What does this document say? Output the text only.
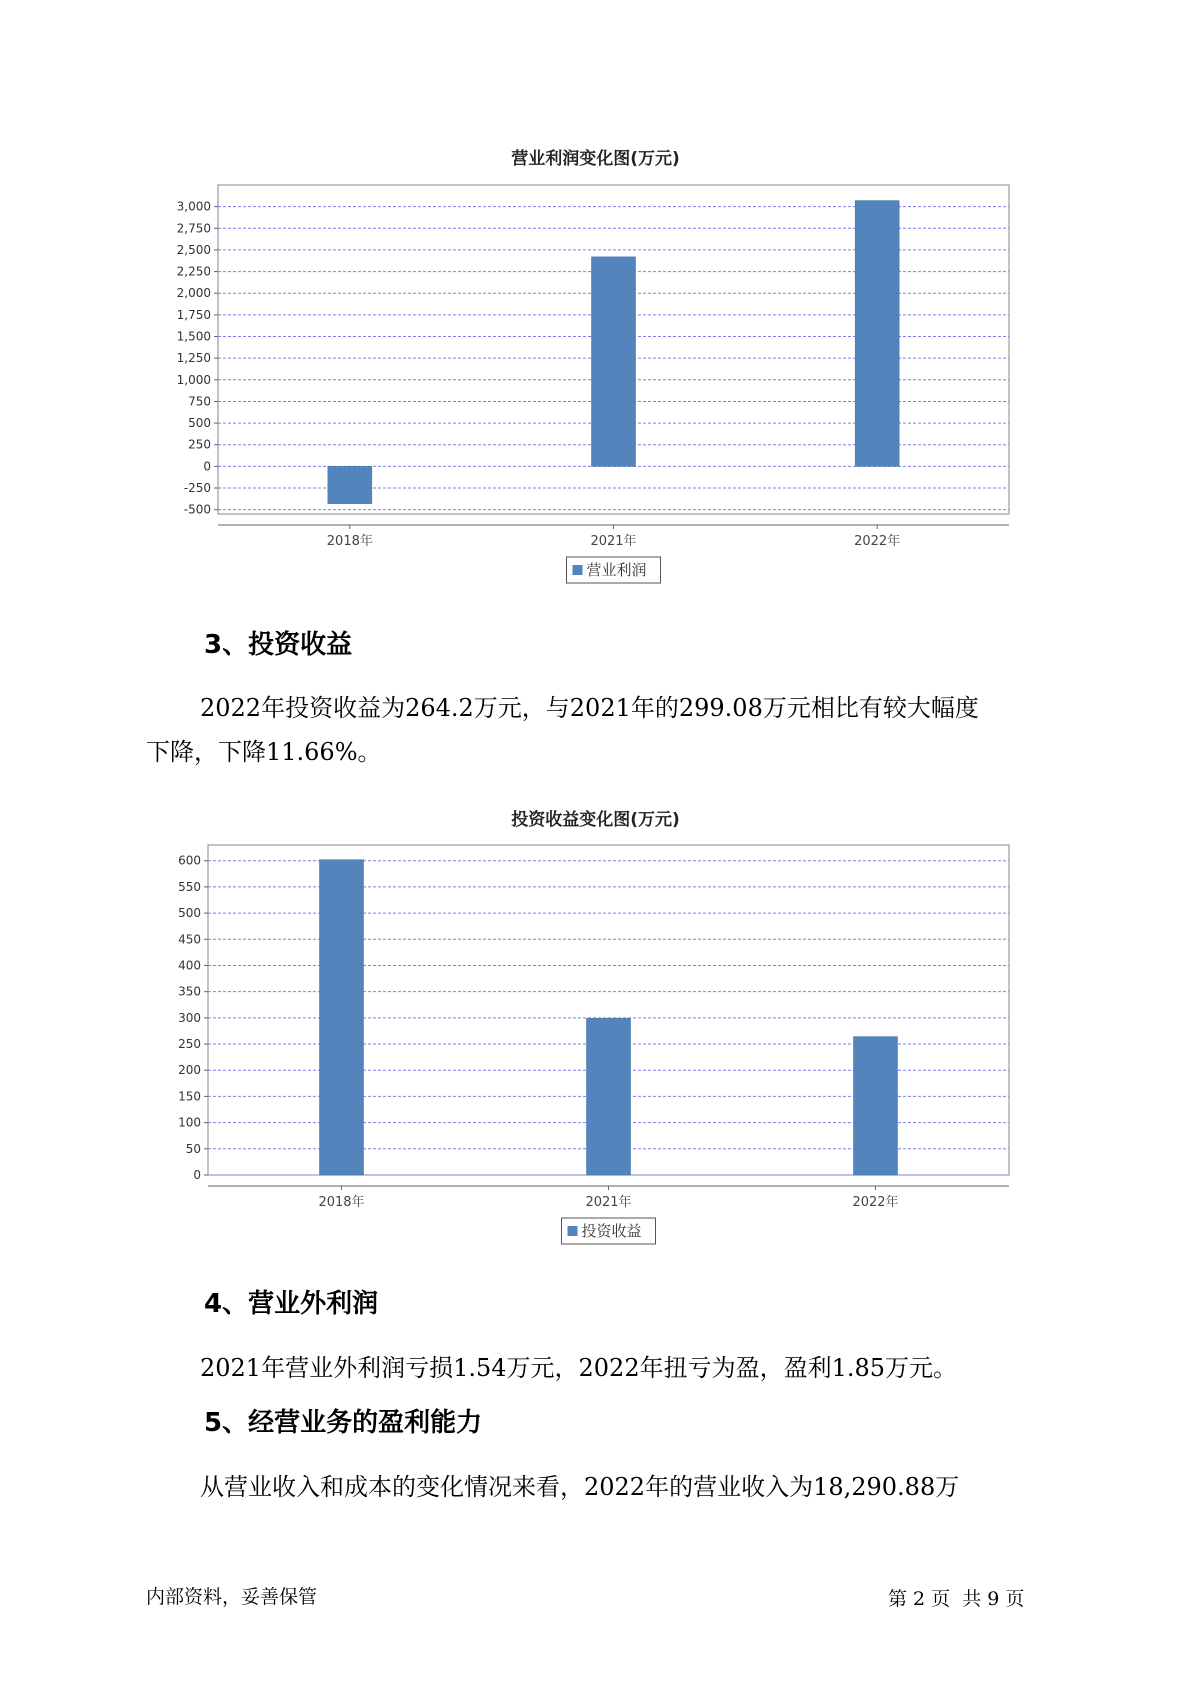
营业利润变化图(万元)
-500
-250
0
250
500
750
1,000
1,250
1,500
1,750
2,000
2,250
2,500
2,750
3,000
2018年	2021年	2022年
营业利润
3、投资收益
2022年投资收益为264.2万元，与2021年的299.08万元相比有较大幅度
下降，下降11.66%。
投资收益变化图(万元)
0
50
100
150
200
250
300
350
400
450
500
550
600
2018年	2021年	2022年
投资收益
4、营业外利润
2021年营业外利润亏损1.54万元，2022年扭亏为盈，盈利1.85万元。
5、经营业务的盈利能力
从营业收入和成本的变化情况来看，2022年的营业收入为18,290.88万
内部资料，妥善保管	第 2 页  共 9 页
